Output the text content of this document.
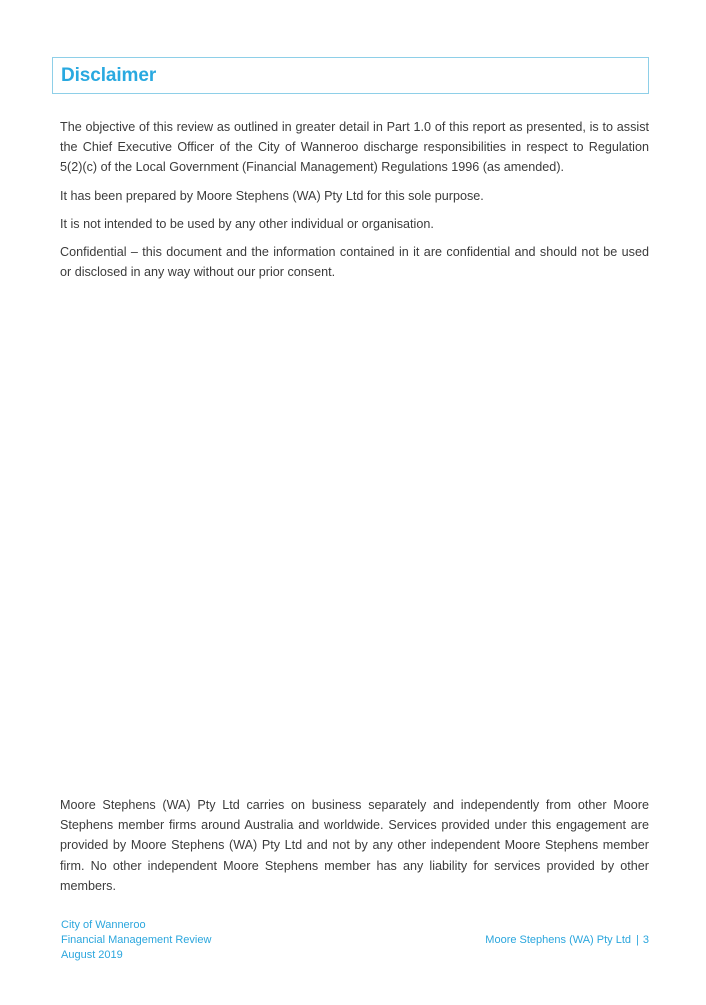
Disclaimer

The objective of this review as outlined in greater detail in Part 1.0 of this report as presented, is to assist the Chief Executive Officer of the City of Wanneroo discharge responsibilities in respect to Regulation 5(2)(c) of the Local Government (Financial Management) Regulations 1996 (as amended).

It has been prepared by Moore Stephens (WA) Pty Ltd for this sole purpose.

It is not intended to be used by any other individual or organisation.

Confidential – this document and the information contained in it are confidential and should not be used or disclosed in any way without our prior consent.

Moore Stephens (WA) Pty Ltd carries on business separately and independently from other Moore Stephens member firms around Australia and worldwide. Services provided under this engagement are provided by Moore Stephens (WA) Pty Ltd and not by any other independent Moore Stephens member firm. No other independent Moore Stephens member has any liability for services provided by other members.

City of Wanneroo
Financial Management Review
August 2019
Moore Stephens (WA) Pty Ltd | 3
